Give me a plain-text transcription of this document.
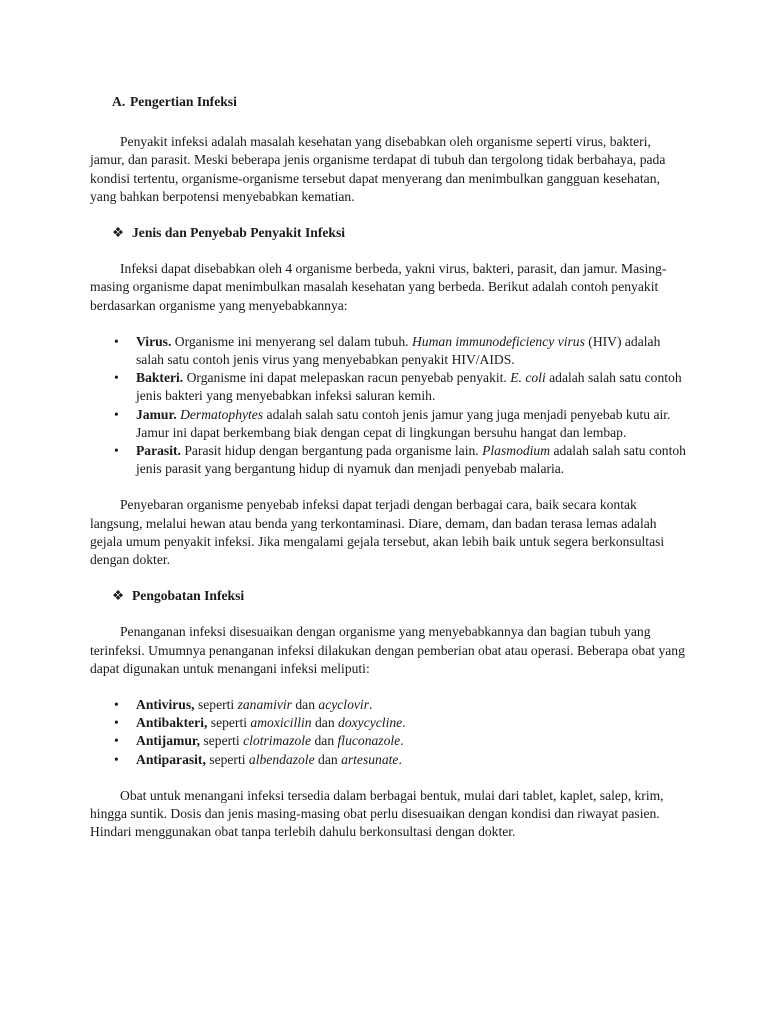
A. Pengertian Infeksi

Penyakit infeksi adalah masalah kesehatan yang disebabkan oleh organisme seperti virus, bakteri, jamur, dan parasit. Meski beberapa jenis organisme terdapat di tubuh dan tergolong tidak berbahaya, pada kondisi tertentu, organisme-organisme tersebut dapat menyerang dan menimbulkan gangguan kesehatan, yang bahkan berpotensi menyebabkan kematian.

❖ Jenis dan Penyebab Penyakit Infeksi

Infeksi dapat disebabkan oleh 4 organisme berbeda, yakni virus, bakteri, parasit, dan jamur. Masing-masing organisme dapat menimbulkan masalah kesehatan yang berbeda. Berikut adalah contoh penyakit berdasarkan organisme yang menyebabkannya:

• Virus. Organisme ini menyerang sel dalam tubuh. Human immunodeficiency virus (HIV) adalah salah satu contoh jenis virus yang menyebabkan penyakit HIV/AIDS.
• Bakteri. Organisme ini dapat melepaskan racun penyebab penyakit. E. coli adalah salah satu contoh jenis bakteri yang menyebabkan infeksi saluran kemih.
• Jamur. Dermatophytes adalah salah satu contoh jenis jamur yang juga menjadi penyebab kutu air. Jamur ini dapat berkembang biak dengan cepat di lingkungan bersuhu hangat dan lembap.
• Parasit. Parasit hidup dengan bergantung pada organisme lain. Plasmodium adalah salah satu contoh jenis parasit yang bergantung hidup di nyamuk dan menjadi penyebab malaria.

Penyebaran organisme penyebab infeksi dapat terjadi dengan berbagai cara, baik secara kontak langsung, melalui hewan atau benda yang terkontaminasi. Diare, demam, dan badan terasa lemas adalah gejala umum penyakit infeksi. Jika mengalami gejala tersebut, akan lebih baik untuk segera berkonsultasi dengan dokter.

❖ Pengobatan Infeksi

Penanganan infeksi disesuaikan dengan organisme yang menyebabkannya dan bagian tubuh yang terinfeksi. Umumnya penanganan infeksi dilakukan dengan pemberian obat atau operasi. Beberapa obat yang dapat digunakan untuk menangani infeksi meliputi:

• Antivirus, seperti zanamivir dan acyclovir.
• Antibakteri, seperti amoxicillin dan doxycycline.
• Antijamur, seperti clotrimazole dan fluconazole.
• Antiparasit, seperti albendazole dan artesunate.

Obat untuk menangani infeksi tersedia dalam berbagai bentuk, mulai dari tablet, kaplet, salep, krim, hingga suntik. Dosis dan jenis masing-masing obat perlu disesuaikan dengan kondisi dan riwayat pasien. Hindari menggunakan obat tanpa terlebih dahulu berkonsultasi dengan dokter.
